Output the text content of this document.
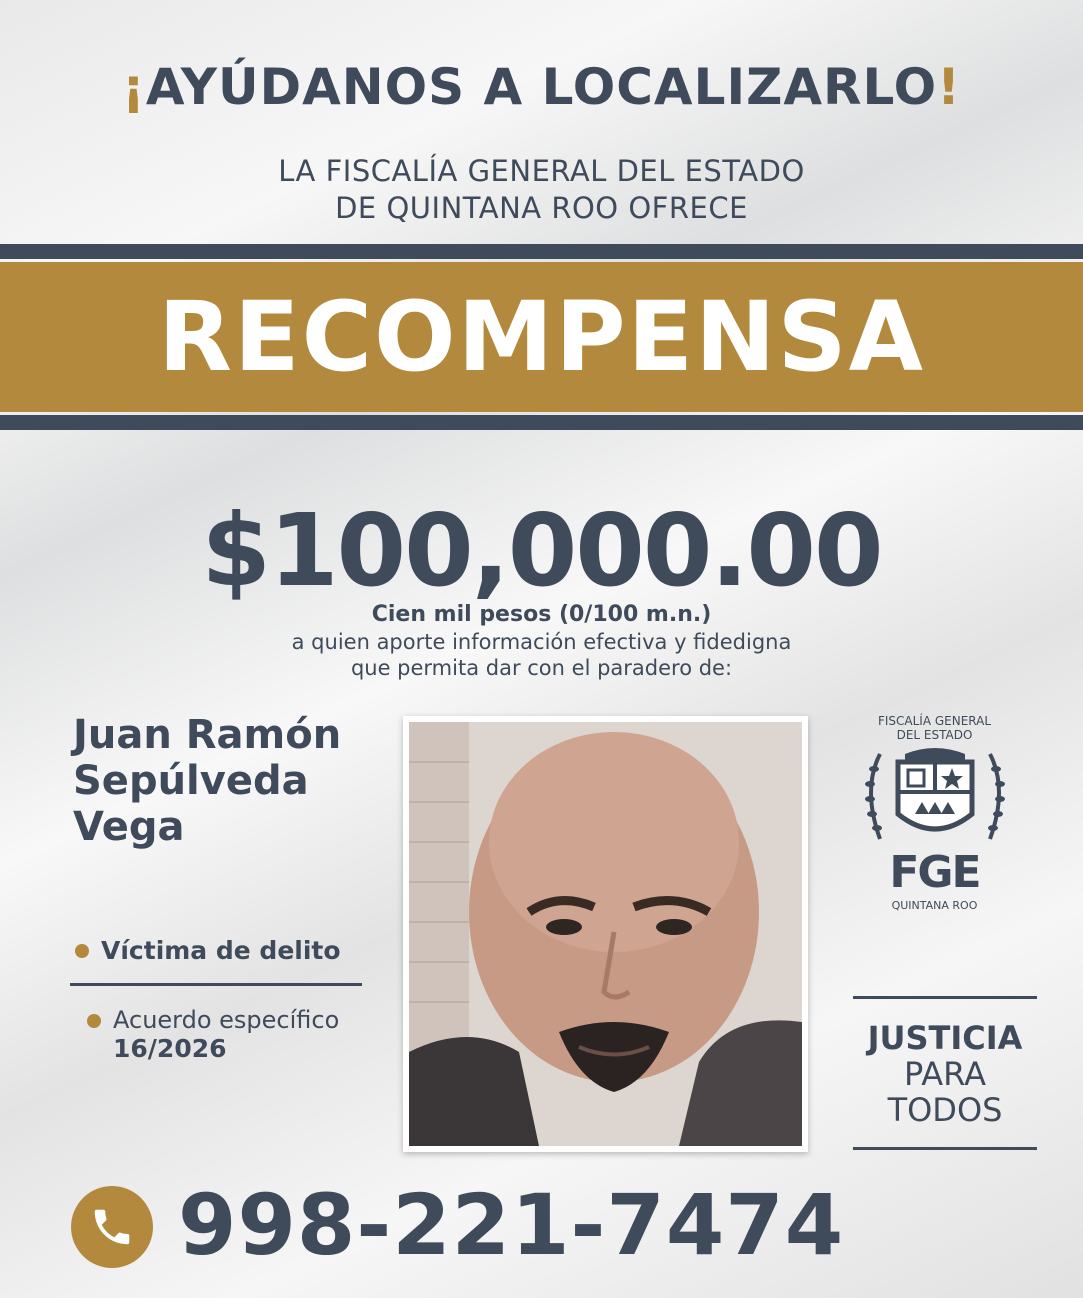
¡AYÚDANOS A LOCALIZARLO!
LA FISCALÍA GENERAL DEL ESTADO
DE QUINTANA ROO OFRECE
RECOMPENSA
$100,000.00
Cien mil pesos (0/100 m.n.)
a quien aporte información efectiva y fidedigna
que permita dar con el paradero de:
Juan Ramón
Sepúlveda
Vega
Víctima de delito
Acuerdo específico
16/2026
FISCALÍA GENERAL
DEL ESTADO
FGE
QUINTANA ROO
JUSTICIA
PARA
TODOS
998-221-7474
